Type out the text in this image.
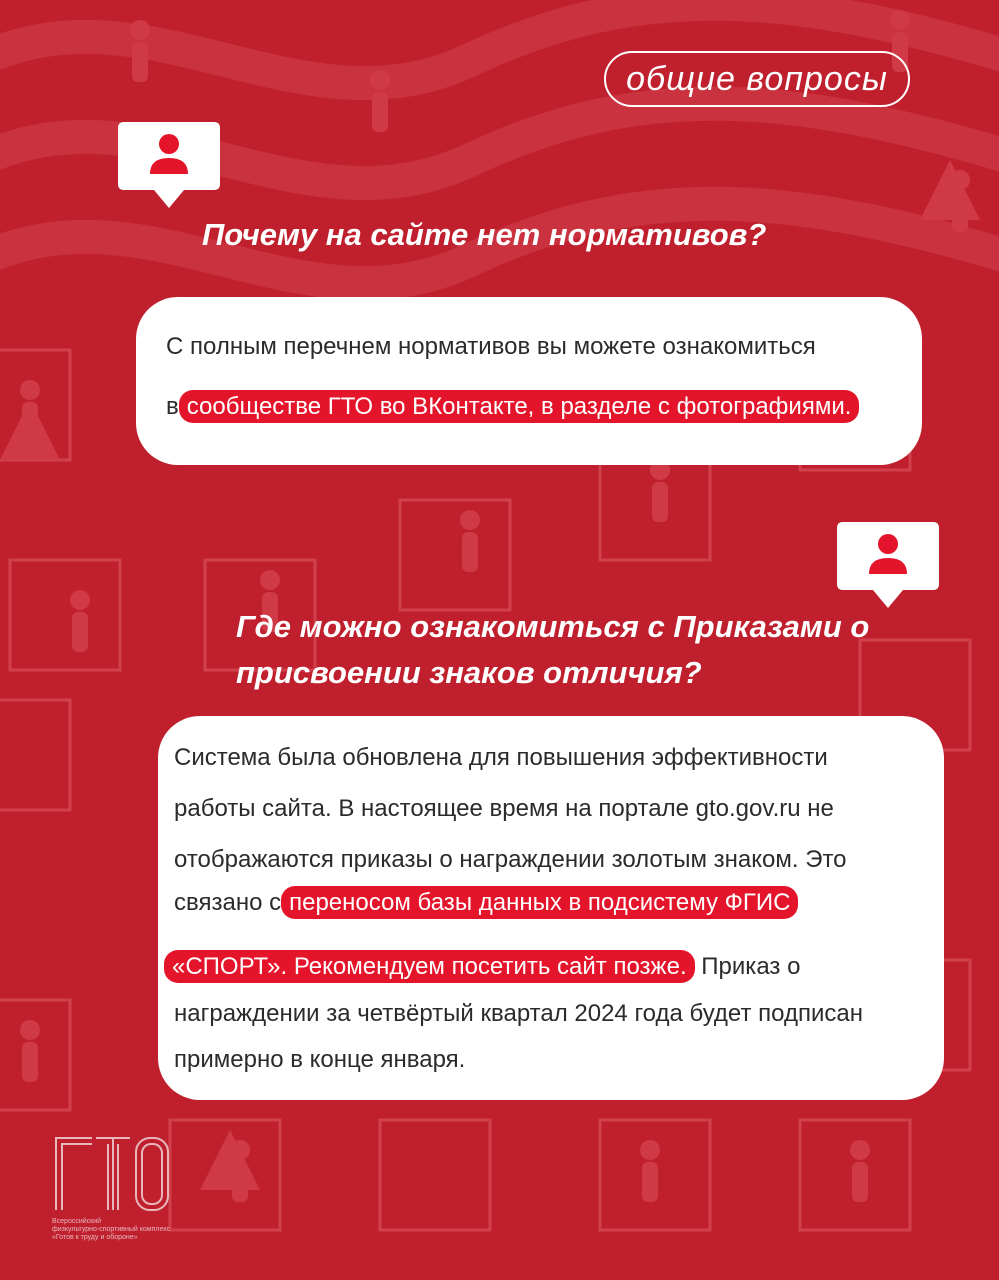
общие вопросы
Почему на сайте нет нормативов?
С полным перечнем нормативов вы можете ознакомиться
в сообществе ГТО во ВКонтакте, в разделе с фотографиями.
Где можно ознакомиться с Приказами о
присвоении знаков отличия?
Система была обновлена для повышения эффективности
работы сайта. В настоящее время на портале gto.gov.ru не
отображаются приказы о награждении золотым знаком. Это
связано с переносом базы данных в подсистему ФГИС
«СПОРТ». Рекомендуем посетить сайт позже. Приказ о
награждении за четвёртый квартал 2024 года будет подписан
примерно в конце января.
Всероссийский
физкультурно-спортивный комплекс
«Готов к труду и обороне»
